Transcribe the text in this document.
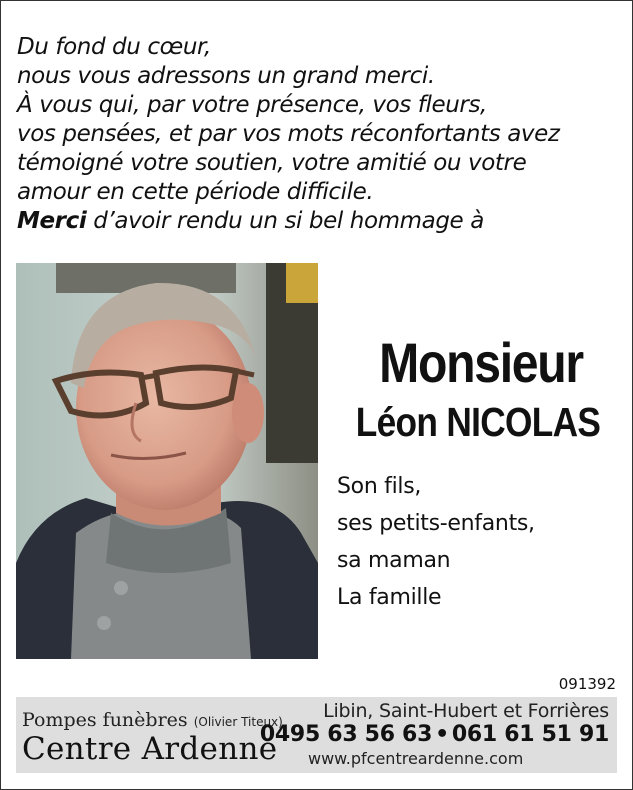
Du fond du cœur,
nous vous adressons un grand merci.
À vous qui, par votre présence, vos fleurs,
vos pensées, et par vos mots réconfortants avez
témoigné votre soutien, votre amitié ou votre
amour en cette période difficile.
Merci d’avoir rendu un si bel hommage à
Monsieur
Léon NICOLAS
Son fils,
ses petits-enfants,
sa maman
La famille
091392
Pompes funèbres (Olivier Titeux)
Centre Ardenne
Libin, Saint-Hubert et Forrières
0495 63 56 63 • 061 61 51 91
www.pfcentreardenne.com
